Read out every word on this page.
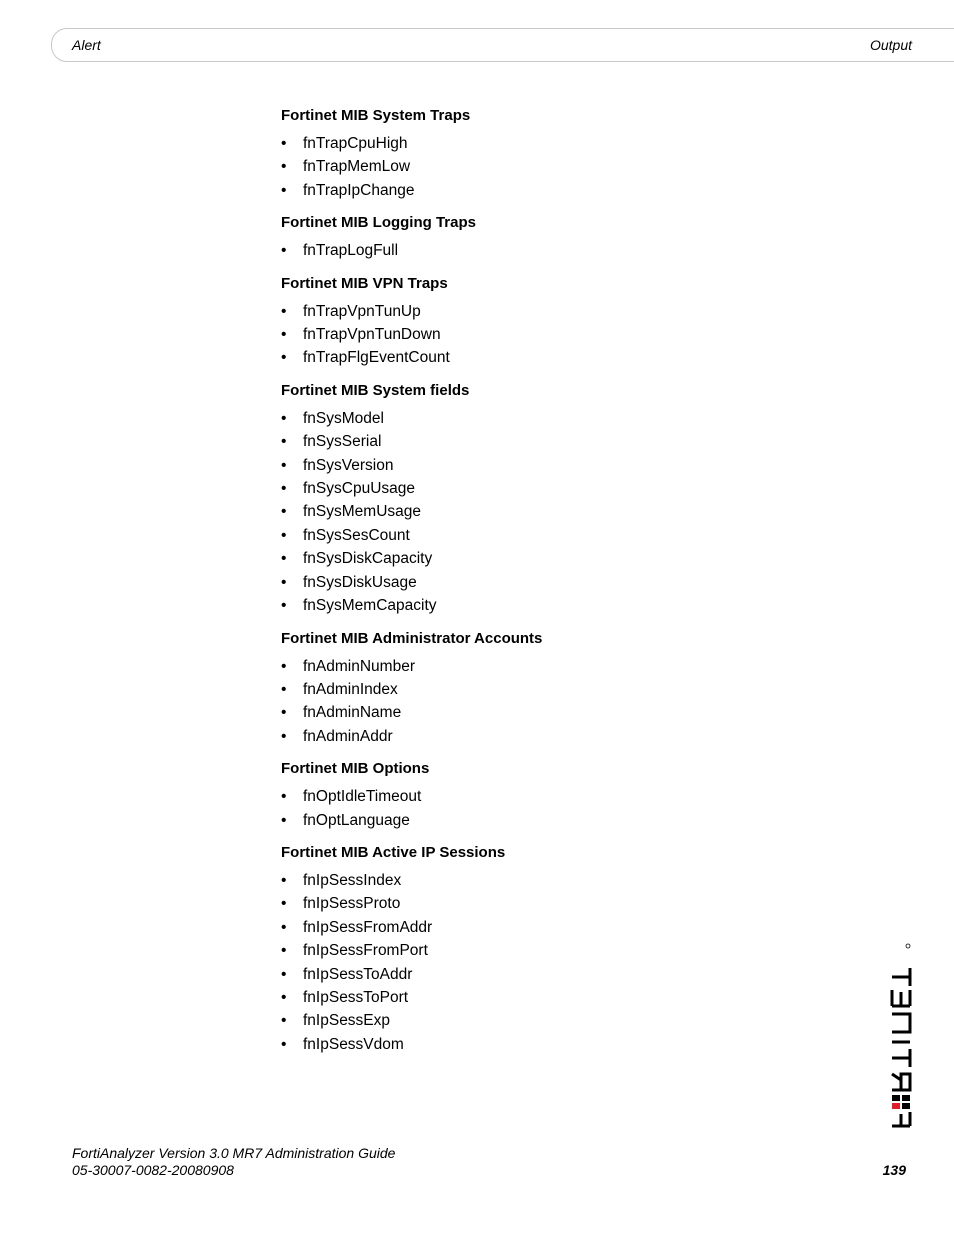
Alert	Output
Fortinet MIB System Traps
• fnTrapCpuHigh
• fnTrapMemLow
• fnTrapIpChange
Fortinet MIB Logging Traps
• fnTrapLogFull
Fortinet MIB VPN Traps
• fnTrapVpnTunUp
• fnTrapVpnTunDown
• fnTrapFlgEventCount
Fortinet MIB System fields
• fnSysModel
• fnSysSerial
• fnSysVersion
• fnSysCpuUsage
• fnSysMemUsage
• fnSysSesCount
• fnSysDiskCapacity
• fnSysDiskUsage
• fnSysMemCapacity
Fortinet MIB Administrator Accounts
• fnAdminNumber
• fnAdminIndex
• fnAdminName
• fnAdminAddr
Fortinet MIB Options
• fnOptIdleTimeout
• fnOptLanguage
Fortinet MIB Active IP Sessions
• fnIpSessIndex
• fnIpSessProto
• fnIpSessFromAddr
• fnIpSessFromPort
• fnIpSessToAddr
• fnIpSessToPort
• fnIpSessExp
• fnIpSessVdom
FortiAnalyzer Version 3.0 MR7 Administration Guide
05-30007-0082-20080908	139
